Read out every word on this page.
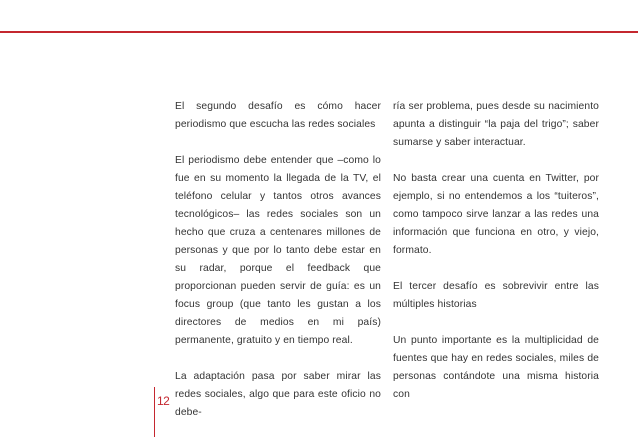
El segundo desafío es cómo hacer periodismo que escucha las redes sociales

El periodismo debe entender que –como lo fue en su momento la llegada de la TV, el teléfono celular y tantos otros avances tecnológicos– las redes sociales son un hecho que cruza a centenares millones de personas y que por lo tanto debe estar en su radar, porque el feedback que proporcionan pueden servir de guía: es un focus group (que tanto les gustan a los directores de medios en mi país) permanente, gratuito y en tiempo real.

La adaptación pasa por saber mirar las redes sociales, algo que para este oficio no debe-

ría ser problema, pues desde su nacimiento apunta a distinguir “la paja del trigo”; saber sumarse y saber interactuar.

No basta crear una cuenta en Twitter, por ejemplo, si no entendemos a los “tuiteros”, como tampoco sirve lanzar a las redes una información que funciona en otro, y viejo, formato.

El tercer desafío es sobrevivir entre las múltiples historias

Un punto importante es la multiplicidad de fuentes que hay en redes sociales, miles de personas contándote una misma historia con

12
